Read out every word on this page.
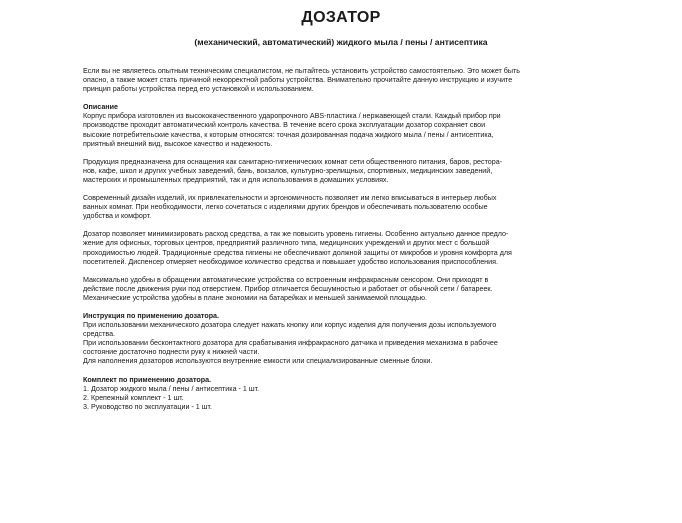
ДОЗАТОР
(механический, автоматический) жидкого мыла / пены / антисептика

Если вы не являетесь опытным техническим специалистом, не пытайтесь установить устройство самостоятельно. Это может быть

опасно, а также может стать причиной некорректной работы устройства. Внимательно прочитайте данную инструкцию и изучите

принцип работы устройства перед его установкой и использованием.

Описание

Корпус прибора изготовлен из высококачественного ударопрочного ABS-пластика / нержавеющей стали. Каждый прибор при

производстве проходит автоматический контроль качества. В течение всего срока эксплуатации дозатор сохраняет свои

высокие потребительские качества, к которым относятся: точная дозированная подача жидкого мыла / пены / антисептика,

приятный внешний вид, высокое качество и надежность.

Продукция предназначена для оснащения как санитарно-гигиенических комнат сети общественного питания, баров, рестора-

нов, кафе, школ и других учебных заведений, бань, вокзалов, культурно-зрелищных, спортивных, медицинских заведений,

мастерских и промышленных предприятий, так и для использования в домашних условиях.

Современный дизайн изделий, их привлекательности и эргономичность позволяет им легко вписываться в интерьер любых

ванных комнат. При необходимости, легко сочетаться с изделиями других брендов и обеспечивать пользователю особые

удобства и комфорт.

Дозатор позволяет минимизировать расход средства, а так же повысить уровень гигиены. Особенно актуально данное предло-

жение для офисных, торговых центров, предприятий различного типа, медицинских учреждений и других мест с большой

проходимостью людей. Традиционные средства гигиены не обеспечивают должной защиты от микробов и уровня комфорта для

посетителей. Диспенсер отмеряет необходимое количество средства и повышает удобство использования приспособления.

Максимально удобны в обращении автоматические устройства со встроенным инфракрасным сенсором. Они приходят в

действие после движения руки под отверстием. Прибор отличается бесшумностью и работает от обычной сети / батареек.

Механические устройства удобны в плане экономии на батарейках и меньшей занимаемой площадью.

Инструкция по применению дозатора.

При использовании механического дозатора следует нажать кнопку или корпус изделия для получения дозы используемого

средства.

При использовании бесконтактного дозатора для срабатывания инфракрасного датчика и приведения механизма в рабочее

состояние достаточно поднести руку к нижней части.

Для наполнения дозаторов используются внутренние емкости или специализированные сменные блоки.

Комплект по применению дозатора.

1. Дозатор жидкого мыла / пены / антисептика - 1 шт.

2. Крепежный комплект - 1 шт.

3. Руководство по эксплуатации - 1 шт.
